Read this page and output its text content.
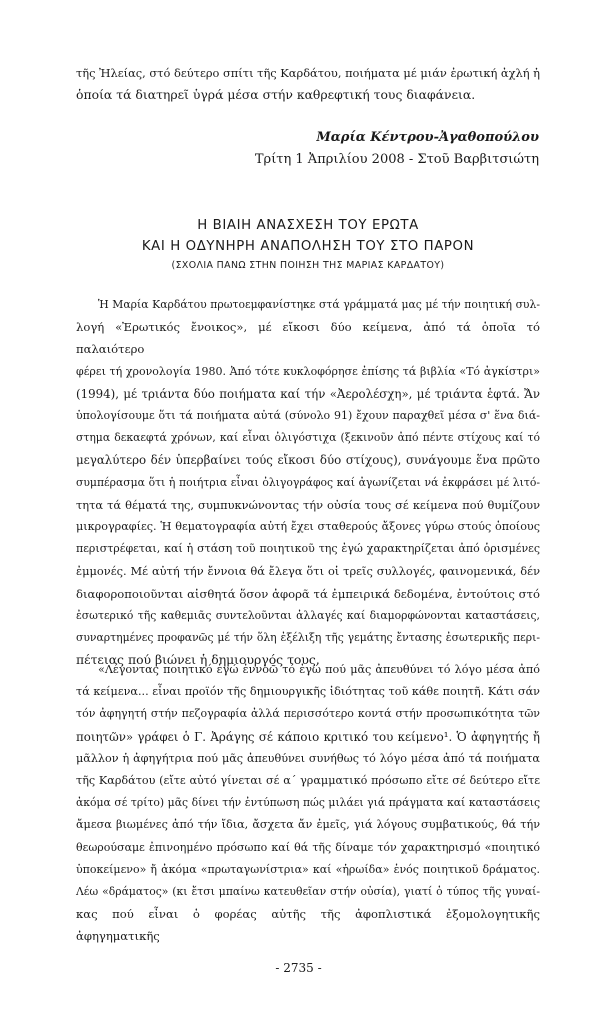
τῆς Ἠλείας, στό δεύτερο σπίτι τῆς Καρδάτου, ποιήματα μέ μιάν ἐρωτική ἀχλή ἡ
ὁποία τά διατηρεῖ ὑγρά μέσα στήν καθρεφτική τους διαφάνεια.
Μαρία Κέντρου-Ἀγαθοπούλου
Τρίτη 1 Ἀπριλίου 2008 - Στοῦ Βαρβιτσιώτη
Η ΒΙΑΙΗ ΑΝΑΣΧΕΣΗ ΤΟΥ ΕΡΩΤΑ
ΚΑΙ Η ΟΔΥΝΗΡΗ ΑΝΑΠΟΛΗΣΗ ΤΟΥ ΣΤΟ ΠΑΡΟΝ
(ΣΧΟΛΙΑ ΠΑΝΩ ΣΤΗΝ ΠΟΙΗΣΗ ΤΗΣ ΜΑΡΙΑΣ ΚΑΡΔΑΤΟΥ)
Ἡ Μαρία Καρδάτου πρωτοεμφανίστηκε στά γράμματά μας μέ τήν ποιητική συλ-
λογή «Ἐρωτικός ἔνοικος», μέ εἴκοσι δύο κείμενα, ἀπό τά ὁποῖα τό παλαιότερο
φέρει τή χρονολογία 1980. Ἀπό τότε κυκλοφόρησε ἐπίσης τά βιβλία «Τό ἀγκίστρι»
(1994), μέ τριάντα δύο ποιήματα καί τήν «Ἀερολέσχη», μέ τριάντα ἑφτά. Ἄν
ὑπολογίσουμε ὅτι τά ποιήματα αὐτά (σύνολο 91) ἔχουν παραχθεῖ μέσα σ' ἕνα διά-
στημα δεκαεφτά χρόνων, καί εἶναι ὀλιγόστιχα (ξεκινοῦν ἀπό πέντε στίχους καί τό
μεγαλύτερο δέν ὑπερβαίνει τούς εἴκοσι δύο στίχους), συνάγουμε ἕνα πρῶτο
συμπέρασμα ὅτι ἡ ποιήτρια εἶναι ὀλιγογράφος καί ἀγωνίζεται νά ἐκφράσει μέ λιτό-
τητα τά θέματά της, συμπυκνώνοντας τήν οὐσία τους σέ κείμενα πού θυμίζουν
μικρογραφίες. Ἡ θεματογραφία αὐτή ἔχει σταθερούς ἄξονες γύρω στούς ὁποίους
περιστρέφεται, καί ἡ στάση τοῦ ποιητικοῦ της ἐγώ χαρακτηρίζεται ἀπό ὁρισμένες
ἐμμονές. Μέ αὐτή τήν ἔννοια θά ἔλεγα ὅτι οἱ τρεῖς συλλογές, φαινομενικά, δέν
διαφοροποιοῦνται αἰσθητά ὅσον ἀφορᾶ τά ἐμπειρικά δεδομένα, ἐντούτοις στό
ἐσωτερικό τῆς καθεμιᾶς συντελοῦνται ἀλλαγές καί διαμορφώνονται καταστάσεις,
συναρτημένες προφανῶς μέ τήν ὅλη ἐξέλιξη τῆς γεμάτης ἔντασης ἐσωτερικῆς περι-
πέτειας πού βιώνει ἡ δημιουργός τους.
«Λέγοντας ποιητικό ἐγώ ἐννοῶ τό ἐγώ πού μᾶς ἀπευθύνει τό λόγο μέσα ἀπό
τά κείμενα... εἶναι προϊόν τῆς δημιουργικῆς ἰδιότητας τοῦ κάθε ποιητῆ. Κάτι σάν
τόν ἀφηγητή στήν πεζογραφία ἀλλά περισσότερο κοντά στήν προσωπικότητα τῶν
ποιητῶν» γράφει ὁ Γ. Ἀράγης σέ κάποιο κριτικό του κείμενο¹. Ὁ ἀφηγητής ἤ
μᾶλλον ἡ ἀφηγήτρια πού μᾶς ἀπευθύνει συνήθως τό λόγο μέσα ἀπό τά ποιήματα
τῆς Καρδάτου (εἴτε αὐτό γίνεται σέ α´ γραμματικό πρόσωπο εἴτε σέ δεύτερο εἴτε
ἀκόμα σέ τρίτο) μᾶς δίνει τήν ἐντύπωση πώς μιλάει γιά πράγματα καί καταστάσεις
ἄμεσα βιωμένες ἀπό τήν ἴδια, ἄσχετα ἄν ἐμεῖς, γιά λόγους συμβατικούς, θά τήν
θεωρούσαμε ἐπινοημένο πρόσωπο καί θά τῆς δίναμε τόν χαρακτηρισμό «ποιητικό
ὑποκείμενο» ἤ ἀκόμα «πρωταγωνίστρια» καί «ἡρωίδα» ἑνός ποιητικοῦ δράματος.
Λέω «δράματος» (κι ἔτσι μπαίνω κατευθεῖαν στήν οὐσία), γιατί ὁ τύπος τῆς γυναί-
κας πού εἶναι ὁ φορέας αὐτῆς τῆς ἀφοπλιστικά ἐξομολογητικῆς ἀφηγηματικῆς
- 2735 -
